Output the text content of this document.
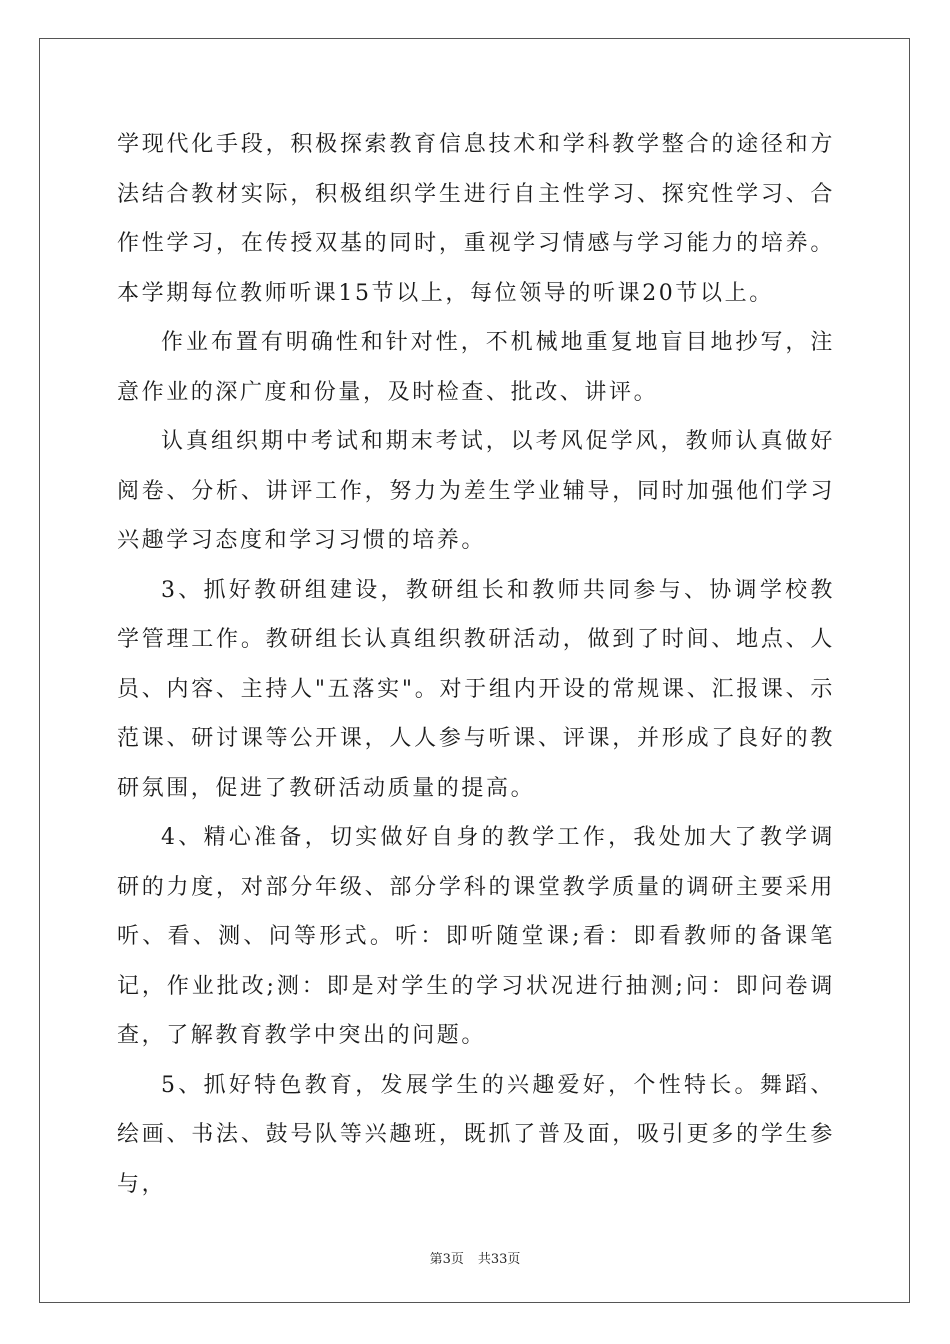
学现代化手段，积极探索教育信息技术和学科教学整合的途径和方法结合教材实际，积极组织学生进行自主性学习、探究性学习、合作性学习，在传授双基的同时，重视学习情感与学习能力的培养。本学期每位教师听课15节以上，每位领导的听课20节以上。

作业布置有明确性和针对性，不机械地重复地盲目地抄写，注意作业的深广度和份量，及时检查、批改、讲评。

认真组织期中考试和期末考试，以考风促学风，教师认真做好阅卷、分析、讲评工作，努力为差生学业辅导，同时加强他们学习兴趣学习态度和学习习惯的培养。

3、抓好教研组建设，教研组长和教师共同参与、协调学校教学管理工作。教研组长认真组织教研活动，做到了时间、地点、人员、内容、主持人"五落实"。对于组内开设的常规课、汇报课、示范课、研讨课等公开课，人人参与听课、评课，并形成了良好的教研氛围，促进了教研活动质量的提高。

4、精心准备，切实做好自身的教学工作，我处加大了教学调研的力度，对部分年级、部分学科的课堂教学质量的调研主要采用听、看、测、问等形式。听：即听随堂课;看：即看教师的备课笔记，作业批改;测：即是对学生的学习状况进行抽测;问：即问卷调查，了解教育教学中突出的问题。

5、抓好特色教育，发展学生的兴趣爱好，个性特长。舞蹈、绘画、书法、鼓号队等兴趣班，既抓了普及面，吸引更多的学生参与，

第3页 共33页
